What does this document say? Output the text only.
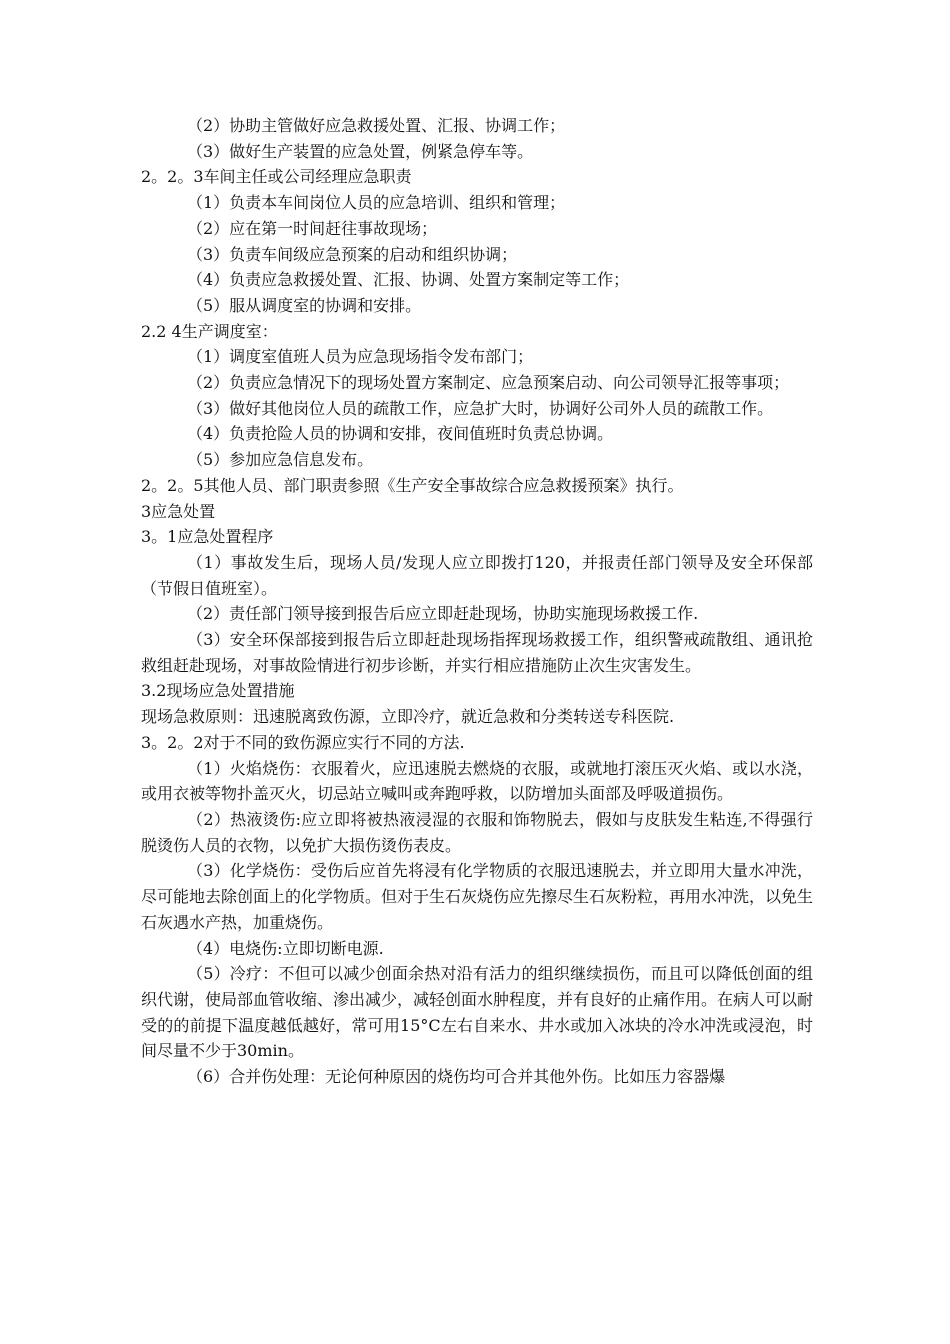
（2）协助主管做好应急救援处置、汇报、协调工作；

（3）做好生产装置的应急处置，例紧急停车等。

2。2。3车间主任或公司经理应急职责

（1）负责本车间岗位人员的应急培训、组织和管理；

（2）应在第一时间赶往事故现场；

（3）负责车间级应急预案的启动和组织协调；

（4）负责应急救援处置、汇报、协调、处置方案制定等工作；

（5）服从调度室的协调和安排。

2.2 4生产调度室：

（1）调度室值班人员为应急现场指令发布部门；

（2）负责应急情况下的现场处置方案制定、应急预案启动、向公司领导汇报等事项；

（3）做好其他岗位人员的疏散工作，应急扩大时，协调好公司外人员的疏散工作。

（4）负责抢险人员的协调和安排，夜间值班时负责总协调。

（5）参加应急信息发布。

2。2。5其他人员、部门职责参照《生产安全事故综合应急救援预案》执行。

3应急处置

3。1应急处置程序

（1）事故发生后，现场人员/发现人应立即拨打120，并报责任部门领导及安全环保部（节假日值班室）。

（2）责任部门领导接到报告后应立即赶赴现场，协助实施现场救援工作.

（3）安全环保部接到报告后立即赶赴现场指挥现场救援工作，组织警戒疏散组、通讯抢救组赶赴现场，对事故险情进行初步诊断，并实行相应措施防止次生灾害发生。

3.2现场应急处置措施

现场急救原则：迅速脱离致伤源，立即冷疗，就近急救和分类转送专科医院.

3。2。2对于不同的致伤源应实行不同的方法.

（1）火焰烧伤：衣服着火，应迅速脱去燃烧的衣服，或就地打滚压灭火焰、或以水浇，或用衣被等物扑盖灭火，切忌站立喊叫或奔跑呼救，以防增加头面部及呼吸道损伤。

（2）热液烫伤:应立即将被热液浸湿的衣服和饰物脱去，假如与皮肤发生粘连,不得强行脱烫伤人员的衣物，以免扩大损伤烫伤表皮。

（3）化学烧伤：受伤后应首先将浸有化学物质的衣服迅速脱去，并立即用大量水冲洗，尽可能地去除创面上的化学物质。但对于生石灰烧伤应先擦尽生石灰粉粒，再用水冲洗，以免生石灰遇水产热，加重烧伤。

（4）电烧伤:立即切断电源.

（5）冷疗：不但可以减少创面余热对沿有活力的组织继续损伤，而且可以降低创面的组织代谢，使局部血管收缩、渗出减少，减轻创面水肿程度，并有良好的止痛作用。在病人可以耐受的的前提下温度越低越好，常可用15°C左右自来水、井水或加入冰块的冷水冲洗或浸泡，时间尽量不少于30min。

（6）合并伤处理：无论何种原因的烧伤均可合并其他外伤。比如压力容器爆
